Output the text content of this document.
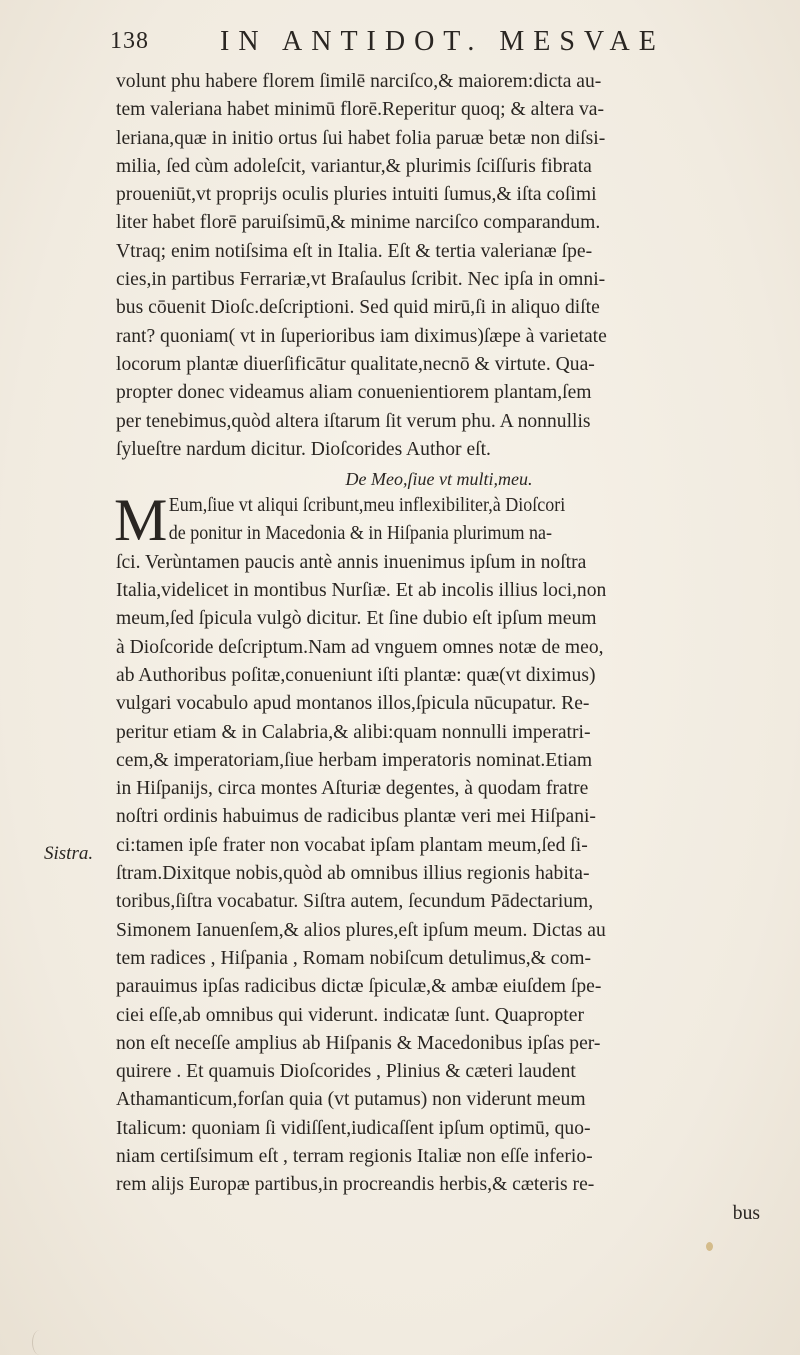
138	IN ANTIDOT. MESVAE
Sistra.
volunt phu habere florem ſimilē narciſco,& maiorem:dicta au-
tem valeriana habet minimū florē.Reperitur quoq; & altera va-
leriana,quæ in initio ortus ſui habet folia paruæ betæ non diſsi-
milia, ſed cùm adoleſcit, variantur,& plurimis ſciſſuris fibrata
proueniūt,vt proprijs oculis pluries intuiti ſumus,& iſta coſimi
liter habet florē paruiſsimū,& minime narciſco comparandum.
Vtraq; enim notiſsima eſt in Italia. Eſt & tertia valerianæ ſpe-
cies,in partibus Ferrariæ,vt Braſaulus ſcribit. Nec ipſa in omni-
bus cōuenit Dioſc.deſcriptioni. Sed quid mirū,ſi in aliquo diſte
rant? quoniam( vt in ſuperioribus iam diximus)ſæpe à varietate
locorum plantæ diuerſificātur qualitate,necnō & virtute. Qua-
propter donec videamus aliam conuenientiorem plantam,ſem
per tenebimus,quòd altera iſtarum ſit verum phu. A nonnullis
ſylueſtre nardum dicitur. Dioſcorides Author eſt.
De Meo,ſiue vt multi,meu.
M Eum,ſiue vt aliqui ſcribunt,meu inflexibiliter,à Dioſcori
de ponitur in Macedonia & in Hiſpania plurimum na-
ſci. Verùntamen paucis antè annis inuenimus ipſum in noſtra
Italia,videlicet in montibus Nurſiæ. Et ab incolis illius loci,non
meum,ſed ſpicula vulgò dicitur. Et ſine dubio eſt ipſum meum
à Dioſcoride deſcriptum.Nam ad vnguem omnes notæ de meo,
ab Authoribus poſitæ,conueniunt iſti plantæ: quæ(vt diximus)
vulgari vocabulo apud montanos illos,ſpicula nūcupatur. Re-
peritur etiam & in Calabria,& alibi:quam nonnulli imperatri-
cem,& imperatoriam,ſiue herbam imperatoris nominat.Etiam
in Hiſpanijs, circa montes Aſturiæ degentes, à quodam fratre
noſtri ordinis habuimus de radicibus plantæ veri mei Hiſpani-
ci:tamen ipſe frater non vocabat ipſam plantam meum,ſed ſi-
ſtram.Dixitque nobis,quòd ab omnibus illius regionis habita-
toribus,ſiſtra vocabatur. Siſtra autem, ſecundum Pādectarium,
Simonem Ianuenſem,& alios plures,eſt ipſum meum. Dictas au
tem radices , Hiſpania , Romam nobiſcum detulimus,& com-
parauimus ipſas radicibus dictæ ſpiculæ,& ambæ eiuſdem ſpe-
ciei eſſe,ab omnibus qui viderunt. indicatæ ſunt. Quapropter
non eſt neceſſe amplius ab Hiſpanis & Macedonibus ipſas per-
quirere . Et quamuis Dioſcorides , Plinius & cæteri laudent
Athamanticum,forſan quia (vt putamus) non viderunt meum
Italicum: quoniam ſi vidiſſent,iudicaſſent ipſum optimū, quo-
niam certiſsimum eſt , terram regionis Italiæ non eſſe inferio-
rem alijs Europæ partibus,in procreandis herbis,& cæteris re-
bus
